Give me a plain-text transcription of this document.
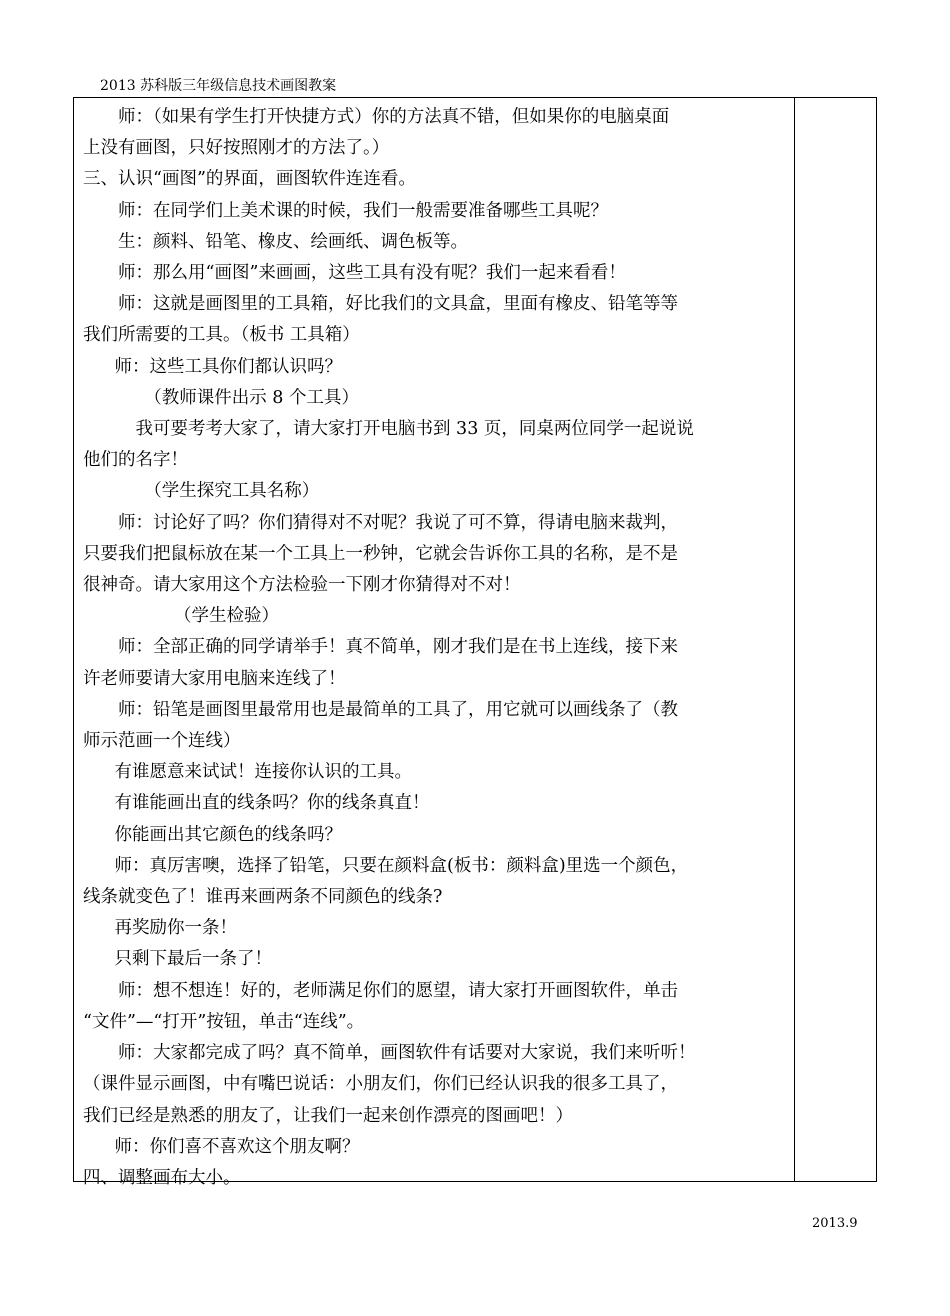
2013 苏科版三年级信息技术画图教案
师：（如果有学生打开快捷方式）你的方法真不错，但如果你的电脑桌面
上没有画图，只好按照刚才的方法了。）
三、认识“画图”的界面，画图软件连连看。
师：在同学们上美术课的时候，我们一般需要准备哪些工具呢？
生：颜料、铅笔、橡皮、绘画纸、调色板等。
师：那么用“画图”来画画，这些工具有没有呢？我们一起来看看！
师：这就是画图里的工具箱，好比我们的文具盒，里面有橡皮、铅笔等等
我们所需要的工具。（板书 工具箱）
师：这些工具你们都认识吗？
（教师课件出示 8 个工具）
我可要考考大家了，请大家打开电脑书到 33 页，同桌两位同学一起说说
他们的名字！
（学生探究工具名称）
师：讨论好了吗？你们猜得对不对呢？我说了可不算，得请电脑来裁判，
只要我们把鼠标放在某一个工具上一秒钟，它就会告诉你工具的名称，是不是
很神奇。请大家用这个方法检验一下刚才你猜得对不对！
（学生检验）
师：全部正确的同学请举手！真不简单，刚才我们是在书上连线，接下来
许老师要请大家用电脑来连线了！
师：铅笔是画图里最常用也是最简单的工具了，用它就可以画线条了（教
师示范画一个连线）
有谁愿意来试试！连接你认识的工具。
有谁能画出直的线条吗？你的线条真直！
你能画出其它颜色的线条吗？
师：真厉害噢，选择了铅笔，只要在颜料盒(板书：颜料盒)里选一个颜色，
线条就变色了！谁再来画两条不同颜色的线条?
再奖励你一条！
只剩下最后一条了！
师：想不想连！好的，老师满足你们的愿望，请大家打开画图软件，单击
“文件”—“打开”按钮，单击“连线”。
师：大家都完成了吗？真不简单，画图软件有话要对大家说，我们来听听！
（课件显示画图，中有嘴巴说话：小朋友们，你们已经认识我的很多工具了，
我们已经是熟悉的朋友了，让我们一起来创作漂亮的图画吧！）
师：你们喜不喜欢这个朋友啊？
四、调整画布大小。
2013.9
